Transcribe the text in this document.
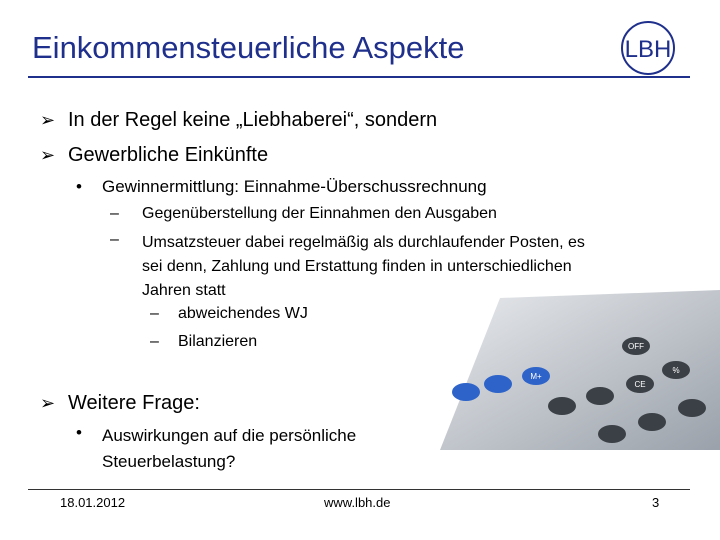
Einkommensteuerliche Aspekte	LBH
➢ In der Regel keine „Liebhaberei“, sondern
➢ Gewerbliche Einkünfte
•	Gewinnermittlung: Einnahme-Überschussrechnung
–	Gegenüberstellung der Einnahmen den Ausgaben
–	Umsatzsteuer dabei regelmäßig als durchlaufender Posten, es
sei denn, Zahlung und Erstattung finden in unterschiedlichen
Jahren statt
–	abweichendes WJ
–	Bilanzieren	OFF
%
CE
M+
➢ Weitere Frage:
•	Auswirkungen auf die persönliche
Steuerbelastung?
18.01.2012	www.lbh.de	3
